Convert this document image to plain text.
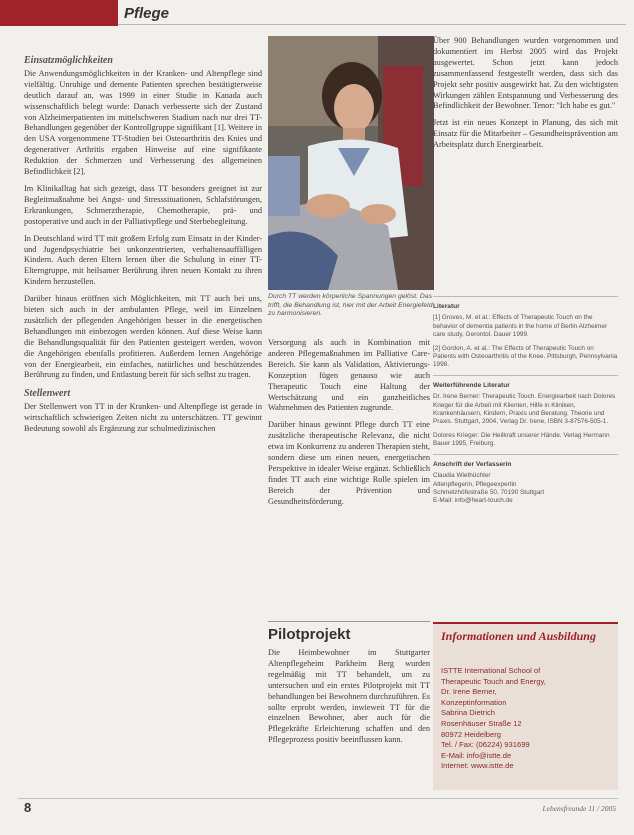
Pflege
Einsatzmöglichkeiten

Die Anwendungsmöglichkeiten in der Kranken- und Altenpflege sind vielfältig. Unruhige und demente Patienten sprechen bestätigterweise deutlich darauf an, was 1999 in einer Studie in Kanada auch wissenschaftlich belegt wurde: Danach verbesserte sich der Zustand von Alzheimerpatienten im mittelschweren Stadium nach nur drei TT-Behandlungen gegenüber der Kontrollgruppe signifikant [1]. Weitere in den USA vorgenommene TT-Studien bei Osteoarthritis des Knies und degenerativer Arthritis ergaben Hinweise auf eine signifikante Reduktion der Schmerzen und Verbesserung des allgemeinen Befindlichkeit [2].

Im Klinikalltag hat sich gezeigt, dass TT besonders geeignet ist zur Begleitmaßnahme bei Angst- und Stresssituationen, Schlafstörungen, Erkrankungen, Schmerztherapie, Chemotherapie, prä- und postoperative und auch in der Palliativpflege und Sterbebegleitung.

In Deutschland wird TT mit großem Erfolg zum Einsatz in der Kinder- und Jugendpsychiatrie bei unkonzentrierten, verhaltensauffälligen Kindern. Auch deren Eltern lernen über die Schulung in einer TT-Elterngruppe, mit heilsamer Berührung ihren neuen Kontakt zu ihren Kindern herzustellen.

Darüber hinaus eröffnen sich Möglichkeiten, mit TT auch bei uns, bieten sich auch in der ambulanten Pflege, weil im Einzelnen zusätzlich der pflegenden Angehörigen besser in die energetischen Behandlungen mit einbezogen werden können. Auf diese Weise kann die Behandlungsqualität für den Patienten gesteigert werden, wovon die Angehörigen ebenfalls profitieren. Außerdem lernen Angehörige von der Energiearbeit, ein einfaches, natürliches und beschützendes Berührung zu finden, und Entlastung bereit für sich selbst zu tragen.

Stellenwert

Der Stellenwert von TT in der Kranken- und Altenpflege ist gerade in wirtschaftlich schwierigen Zeiten nicht zu unterschätzen. TT gewinnt Bedeutung sowohl als Ergänzung zur schulmedizinischen

Durch TT werden körperliche Spannungen gelöst. Das trifft, die Behandlung ist, hier mit der Arbeit Energiefeld zu harmonisieren.

Versorgung als auch in Kombination mit anderen Pflegemaßnahmen im Palliative Care-Bereich. Sie kann als Validation, Aktivierungs-Konzeption fügen genauso wie auch Therapeutic Touch eine Haltung der Wertschätzung und ein ganzheitliches Wahrnehmen des Patienten zugrunde.

Darüber hinaus gewinnt Pflege durch TT eine zusätzliche therapeutische Relevanz, die nicht etwa im Konkurrenz zu anderen Therapien steht, sondern diese um einen neuen, energetischen Perspektive in idealer Weise ergänzt. Schließlich findet TT auch eine wichtige Rolle spielen im Bereich der Prävention und Gesundheitsförderung.

Pilotprojekt

Die Heimbewohner im Stuttgarter Altenpflegeheim Parkheim Berg wurden regelmäßig mit TT behandelt, um zu untersuchen und ein erstes Pilotprojekt mit TT behandlungen bei Bewohnern durchzuführen. Es sollte erprobt werden, inwieweit TT für die einzelnen Bewohner, aber auch für die Pflegekräfte Erleichterung schaffen und den Pflegeprozess positiv beeinflussen kann.

Über 900 Behandlungen wurden vorgenommen und dokumentiert im Herbst 2005 wird das Projekt ausgewertet. Schon jetzt kann jedoch zusammenfassend festgestellt werden, dass sich das Projekt sehr positiv ausgewirkt hat. Zu den wichtigsten Wirkungen zählen Entspannung und Verbesserung des Befindlichkeit der Bewohner. Tenor: "Ich habe es gut."

Jetzt ist ein neues Konzept in Planung, das sich mit Einsatz für die Mitarbeiter – Gesundheitsprävention am Arbeitsplatz durch Energiearbeit.

Literatur

[1] Groves, M. et al.: Effects of Therapeutic Touch on the behavior of dementia patients in the home of Berlin Alzheimer care study, Gerontol. Dauer 1999.

[2] Gordon, A. et al.: The Effects of Therapeutic Touch on Patients with Osteoarthritis of the Knee. Pittsburgh, Pennsylvania 1998.

Weiterführende Literatur

Dr. Irene Berner: Therapeutic Touch. Energiearbeit nach Dolores Krieger für die Arbeit mit Klienten, Hilfe in Kliniken, Krankenhäusern, Kindern, Praxis und Beratung. Theorie und Praxis. Stuttgart, 2004, Verlag Dr. Irene, ISBN 3-87576-505-1.

Dolores Krieger: Die Heilkraft unserer Hände. Verlag Hermann Bauer 1995, Freiburg.

Anschrift der Verfasserin
Claudia Wiethüchter
Altenpflegerin, Pflegeexpertin
Schmelzhöfestraße 50, 70190 Stuttgart
E-Mail: info@heart-touch.de
Informationen und Ausbildung
ISTTE International School of
Therapeutic Touch and Energy,
Dr. Irene Berner,
Konzeptinformation
Sabrina Dietrich
Rosenhäuser Straße 12
80972 Heidelberg
Tel. / Fax: (06224) 931699
E-Mail: info@istte.de
Internet: www.istte.de
8	Lebensfreunde 11 / 2005
